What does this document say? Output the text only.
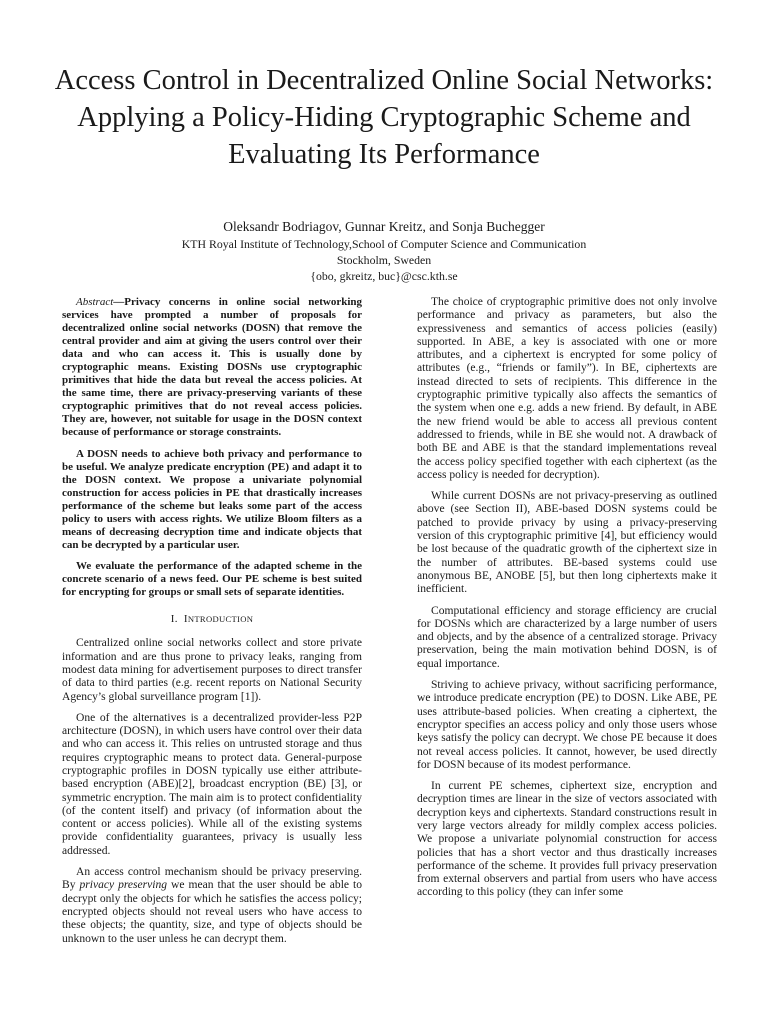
Access Control in Decentralized Online Social Networks: Applying a Policy-Hiding Cryptographic Scheme and Evaluating Its Performance
Oleksandr Bodriagov, Gunnar Kreitz, and Sonja Buchegger
KTH Royal Institute of Technology,School of Computer Science and Communication
Stockholm, Sweden
{obo, gkreitz, buc}@csc.kth.se

Abstract—Privacy concerns in online social networking services have prompted a number of proposals for decentralized online social networks (DOSN) that remove the central provider and aim at giving the users control over their data and who can access it. This is usually done by cryptographic means. Existing DOSNs use cryptographic primitives that hide the data but reveal the access policies. At the same time, there are privacy-preserving variants of these cryptographic primitives that do not reveal access policies. They are, however, not suitable for usage in the DOSN context because of performance or storage constraints.

A DOSN needs to achieve both privacy and performance to be useful. We analyze predicate encryption (PE) and adapt it to the DOSN context. We propose a univariate polynomial construction for access policies in PE that drastically increases performance of the scheme but leaks some part of the access policy to users with access rights. We utilize Bloom filters as a means of decreasing decryption time and indicate objects that can be decrypted by a particular user.

We evaluate the performance of the adapted scheme in the concrete scenario of a news feed. Our PE scheme is best suited for encrypting for groups or small sets of separate identities.

I. INTRODUCTION

Centralized online social networks collect and store private information and are thus prone to privacy leaks, ranging from modest data mining for advertisement purposes to direct transfer of data to third parties (e.g. recent reports on National Security Agency’s global surveillance program [1]).

One of the alternatives is a decentralized provider-less P2P architecture (DOSN), in which users have control over their data and who can access it. This relies on untrusted storage and thus requires cryptographic means to protect data. General-purpose cryptographic profiles in DOSN typically use either attribute-based encryption (ABE)[2], broadcast encryption (BE) [3], or symmetric encryption. The main aim is to protect confidentiality (of the content itself) and privacy (of information about the content or access policies). While all of the existing systems provide confidentiality guarantees, privacy is usually less addressed.

An access control mechanism should be privacy preserving. By privacy preserving we mean that the user should be able to decrypt only the objects for which he satisfies the access policy; encrypted objects should not reveal users who have access to these objects; the quantity, size, and type of objects should be unknown to the user unless he can decrypt them.

The choice of cryptographic primitive does not only involve performance and privacy as parameters, but also the expressiveness and semantics of access policies (easily) supported. In ABE, a key is associated with one or more attributes, and a ciphertext is encrypted for some policy of attributes (e.g., “friends or family”). In BE, ciphertexts are instead directed to sets of recipients. This difference in the cryptographic primitive typically also affects the semantics of the system when one e.g. adds a new friend. By default, in ABE the new friend would be able to access all previous content addressed to friends, while in BE she would not. A drawback of both BE and ABE is that the standard implementations reveal the access policy specified together with each ciphertext (as the access policy is needed for decryption).

While current DOSNs are not privacy-preserving as outlined above (see Section II), ABE-based DOSN systems could be patched to provide privacy by using a privacy-preserving version of this cryptographic primitive [4], but efficiency would be lost because of the quadratic growth of the ciphertext size in the number of attributes. BE-based systems could use anonymous BE, ANOBE [5], but then long ciphertexts make it inefficient.

Computational efficiency and storage efficiency are crucial for DOSNs which are characterized by a large number of users and objects, and by the absence of a centralized storage. Privacy preservation, being the main motivation behind DOSN, is of equal importance.

Striving to achieve privacy, without sacrificing performance, we introduce predicate encryption (PE) to DOSN. Like ABE, PE uses attribute-based policies. When creating a ciphertext, the encryptor specifies an access policy and only those users whose keys satisfy the policy can decrypt. We chose PE because it does not reveal access policies. It cannot, however, be used directly for DOSN because of its modest performance.

In current PE schemes, ciphertext size, encryption and decryption times are linear in the size of vectors associated with decryption keys and ciphertexts. Standard constructions result in very large vectors already for mildly complex access policies. We propose a univariate polynomial construction for access policies that has a short vector and thus drastically increases performance of the scheme. It provides full privacy preservation from external observers and partial from users who have access according to this policy (they can infer some
